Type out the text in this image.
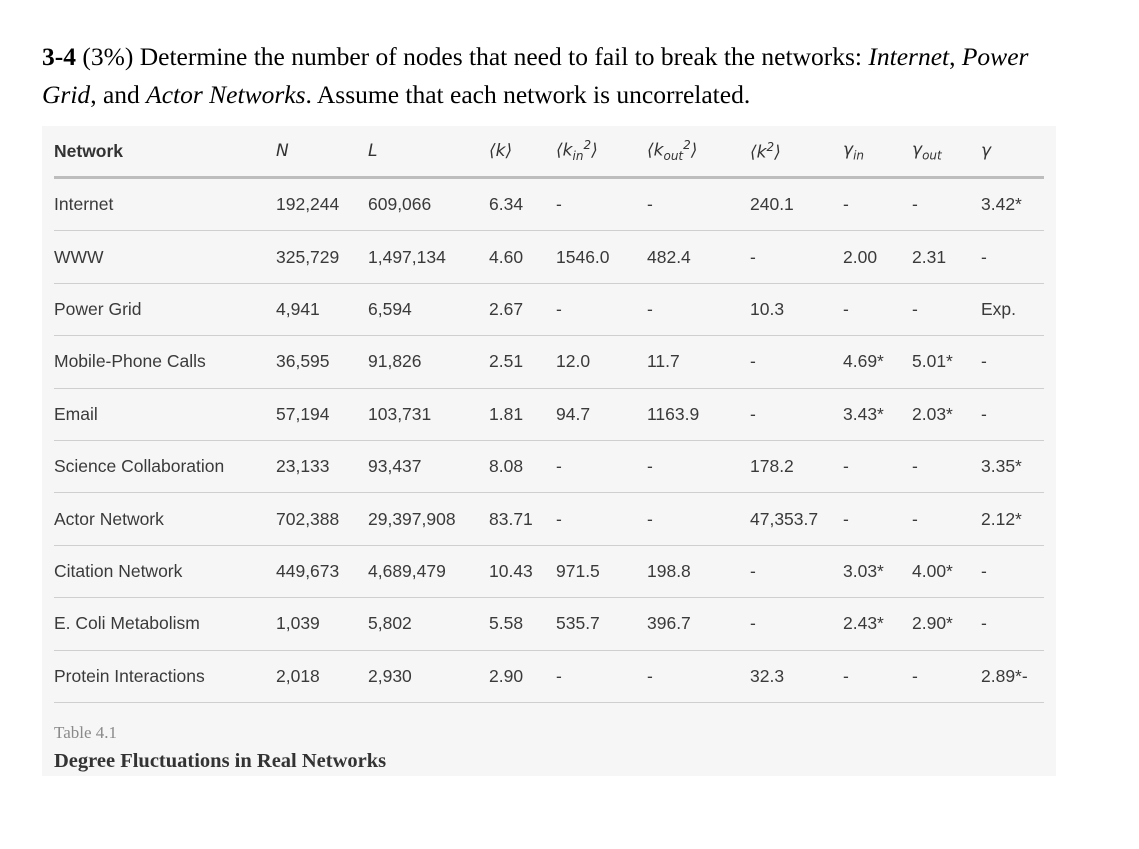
3-4 (3%) Determine the number of nodes that need to fail to break the networks: Internet, Power Grid, and Actor Networks. Assume that each network is uncorrelated.
Network	N	L	⟨k⟩	$⟨k_{in}^2⟩$	$⟨k_{out}^2⟩$	$⟨k^2⟩$	$\gamma_{in}$	$\gamma_{out}$	γ
Internet	192,244	609,066	6.34	-	-	240.1	-	-	3.42*
WWW	325,729	1,497,134	4.60	1546.0	482.4	-	2.00	2.31	-
Power Grid	4,941	6,594	2.67	-	-	10.3	-	-	Exp.
Mobile-Phone Calls	36,595	91,826	2.51	12.0	11.7	-	4.69*	5.01*	-
Email	57,194	103,731	1.81	94.7	1163.9	-	3.43*	2.03*	-
Science Collaboration	23,133	93,437	8.08	-	-	178.2	-	-	3.35*
Actor Network	702,388	29,397,908	83.71	-	-	47,353.7	-	-	2.12*
Citation Network	449,673	4,689,479	10.43	971.5	198.8	-	3.03*	4.00*	-
E. Coli Metabolism	1,039	5,802	5.58	535.7	396.7	-	2.43*	2.90*	-
Protein Interactions	2,018	2,930	2.90	-	-	32.3	-	-	2.89*-
Table 4.1
Degree Fluctuations in Real Networks
